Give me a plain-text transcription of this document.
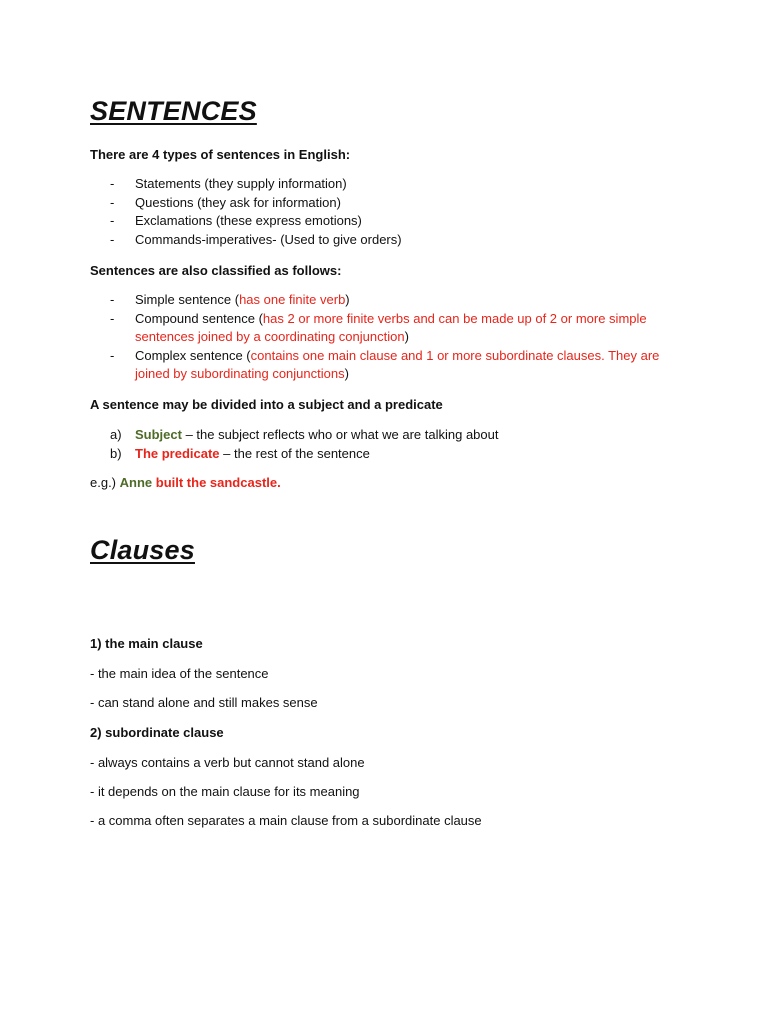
SENTENCES
There are 4 types of sentences in English:
- Statements (they supply information)
- Questions (they ask for information)
- Exclamations (these express emotions)
- Commands-imperatives- (Used to give orders)
Sentences are also classified as follows:
- Simple sentence (has one finite verb)
- Compound sentence (has 2 or more finite verbs and can be made up of 2 or more simple sentences joined by a coordinating conjunction)
- Complex sentence (contains one main clause and 1 or more subordinate clauses. They are joined by subordinating conjunctions)
A sentence may be divided into a subject and a predicate
a) Subject – the subject reflects who or what we are talking about
b) The predicate – the rest of the sentence
e.g.) Anne built the sandcastle.
Clauses
1) the main clause
- the main idea of the sentence
- can stand alone and still makes sense
2) subordinate clause
- always contains a verb but cannot stand alone
- it depends on the main clause for its meaning
- a comma often separates a main clause from a subordinate clause
